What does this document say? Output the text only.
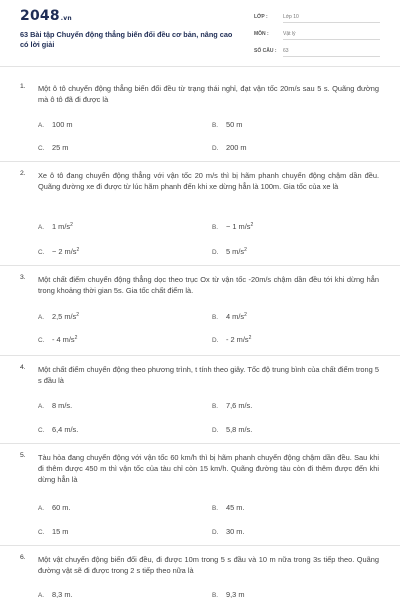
2048.vn
63 Bài tập Chuyển động thẳng biến đổi đều cơ bản, nâng cao có lời giải
LỚP :	Lớp 10
MÔN :	Vật lý
SỐ CÂU : 63
1. Một ô tô chuyển động thẳng biến đổi đều từ trạng thái nghỉ, đạt vận tốc 20m/s sau 5 s. Quãng đường mà ô tô đã đi được là
A. 100 m	B. 50 m
C. 25 m	D. 200 m
2. Xe ô tô đang chuyển động thẳng với vận tốc 20 m/s thì bị hãm phanh chuyển động chậm dần đều. Quãng đường xe đi được từ lúc hãm phanh đến khi xe dừng hẳn là 100m. Gia tốc của xe là
A. 1 $m/s^2$	B. − 1 $m/s^2$
C. − 2 $m/s^2$	D. 5 $m/s^2$
3. Một chất điểm chuyển động thẳng dọc theo trục Ox từ vận tốc -20m/s chậm dần đều tới khi dừng hẳn trong khoảng thời gian 5s. Gia tốc chất điểm là.
A. 2,5 $m/s^2$	B. 4 $m/s^2$
C. - 4 $m/s^2$	D. - 2 $m/s^2$
4. Một chất điểm chuyển động theo phương trình, t tính theo giây. Tốc độ trung bình của chất điểm trong 5 s đầu là
A. 8 m/s.	B. 7,6 m/s.
C. 6,4 m/s.	D. 5,8 m/s.
5. Tàu hỏa đang chuyển động với vận tốc 60 km/h thì bị hãm phanh chuyển động chậm dần đều. Sau khi đi thêm được 450 m thì vận tốc của tàu chỉ còn 15 km/h. Quãng đường tàu còn đi thêm được đến khi dừng hẳn là
A. 60 m.	B. 45 m.
C. 15 m	D. 30 m.
6. Một vật chuyển động biến đổi đều, đi được 10m trong 5 s đầu và 10 m nữa trong 3s tiếp theo. Quãng đường vật sẽ đi được trong 2 s tiếp theo nữa là
A. 8,3 m.	B. 9,3 m
